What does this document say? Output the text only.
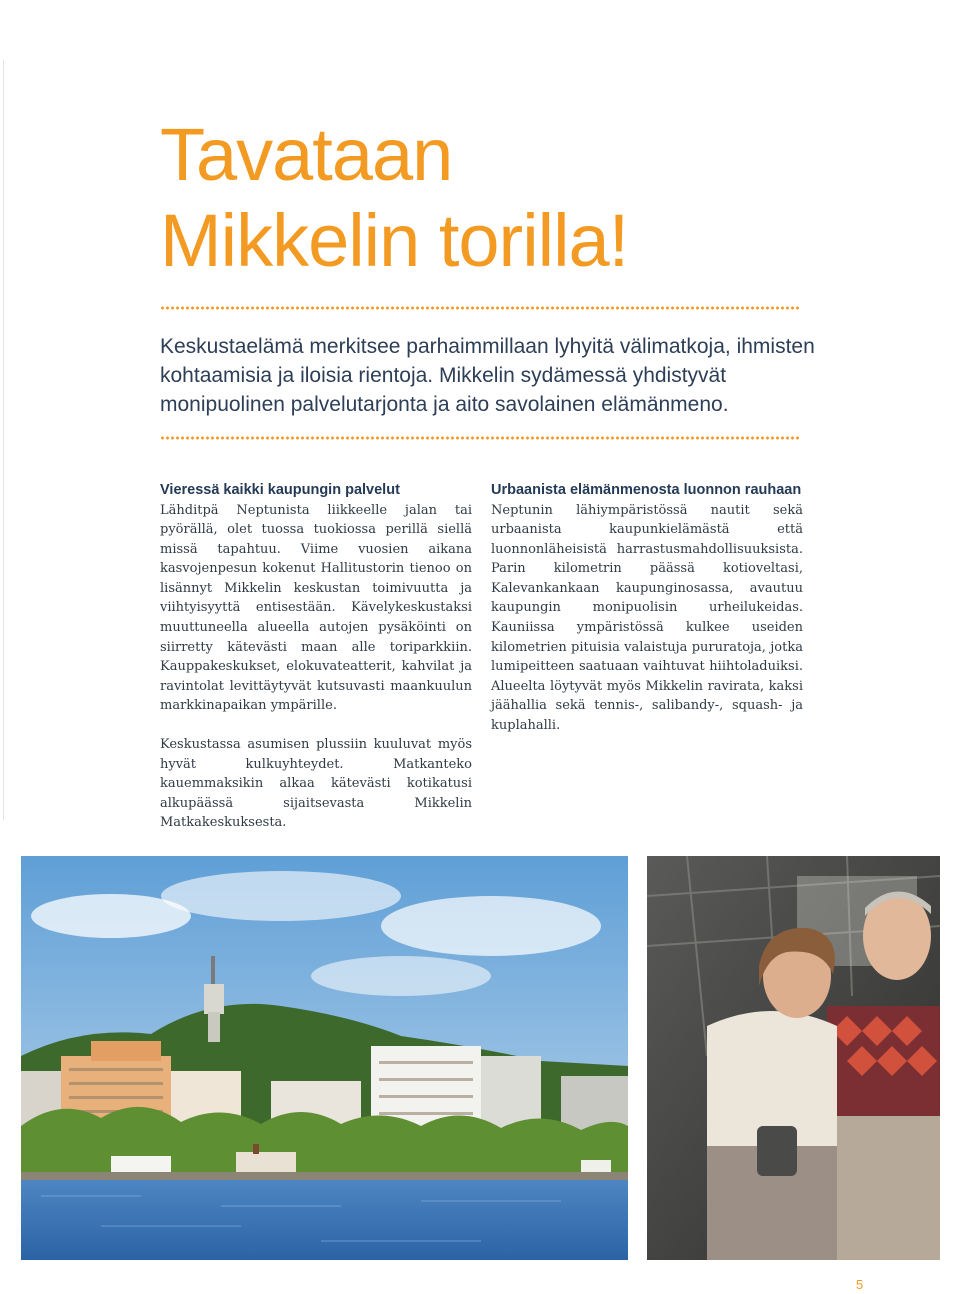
Tavataan
Mikkelin torilla!

Keskustaelämä merkitsee parhaimmillaan lyhyitä välimatkoja, ihmisten kohtaamisia ja iloisia rientoja. Mikkelin sydämessä yhdistyvät monipuolinen palvelutarjonta ja aito savolainen elämänmeno.

Vieressä kaikki kaupungin palvelut

Lähditpä Neptunista liikkeelle jalan tai pyörällä, olet tuossa tuokiossa perillä siellä missä tapahtuu. Viime vuosien aikana kasvojenpesun kokenut Hallitustorin tienoo on lisännyt Mikkelin keskustan toimivuutta ja viihtyisyyttä entisestään. Kävelykeskustaksi muuttuneella alueella autojen pysäköinti on siirretty kätevästi maan alle toriparkkiin. Kauppakeskukset, elokuvateatterit, kahvilat ja ravintolat levittäytyvät kutsuvasti maankuulun markkinapaikan ympärille.

Keskustassa asumisen plussiin kuuluvat myös hyvät kulkuyhteydet. Matkanteko kauemmaksikin alkaa kätevästi kotikatusi alkupäässä sijaitsevasta Mikkelin Matkakeskuksesta.

Urbaanista elämänmenosta luonnon rauhaan

Neptunin lähiympäristössä nautit sekä urbaanista kaupunkielämästä että luonnonläheisistä harrastusmahdollisuuksista. Parin kilometrin päässä kotioveltasi, Kalevankankaan kaupunginosassa, avautuu kaupungin monipuolisin urheilukeidas. Kauniissa ympäristössä kulkee useiden kilometrien pituisia valaistuja pururatoja, jotka lumipeitteen saatuaan vaihtuvat hiihtoladuiksi. Alueelta löytyvät myös Mikkelin ravirata, kaksi jäähallia sekä tennis-, salibandy-, squash- ja kuplahalli.

5
